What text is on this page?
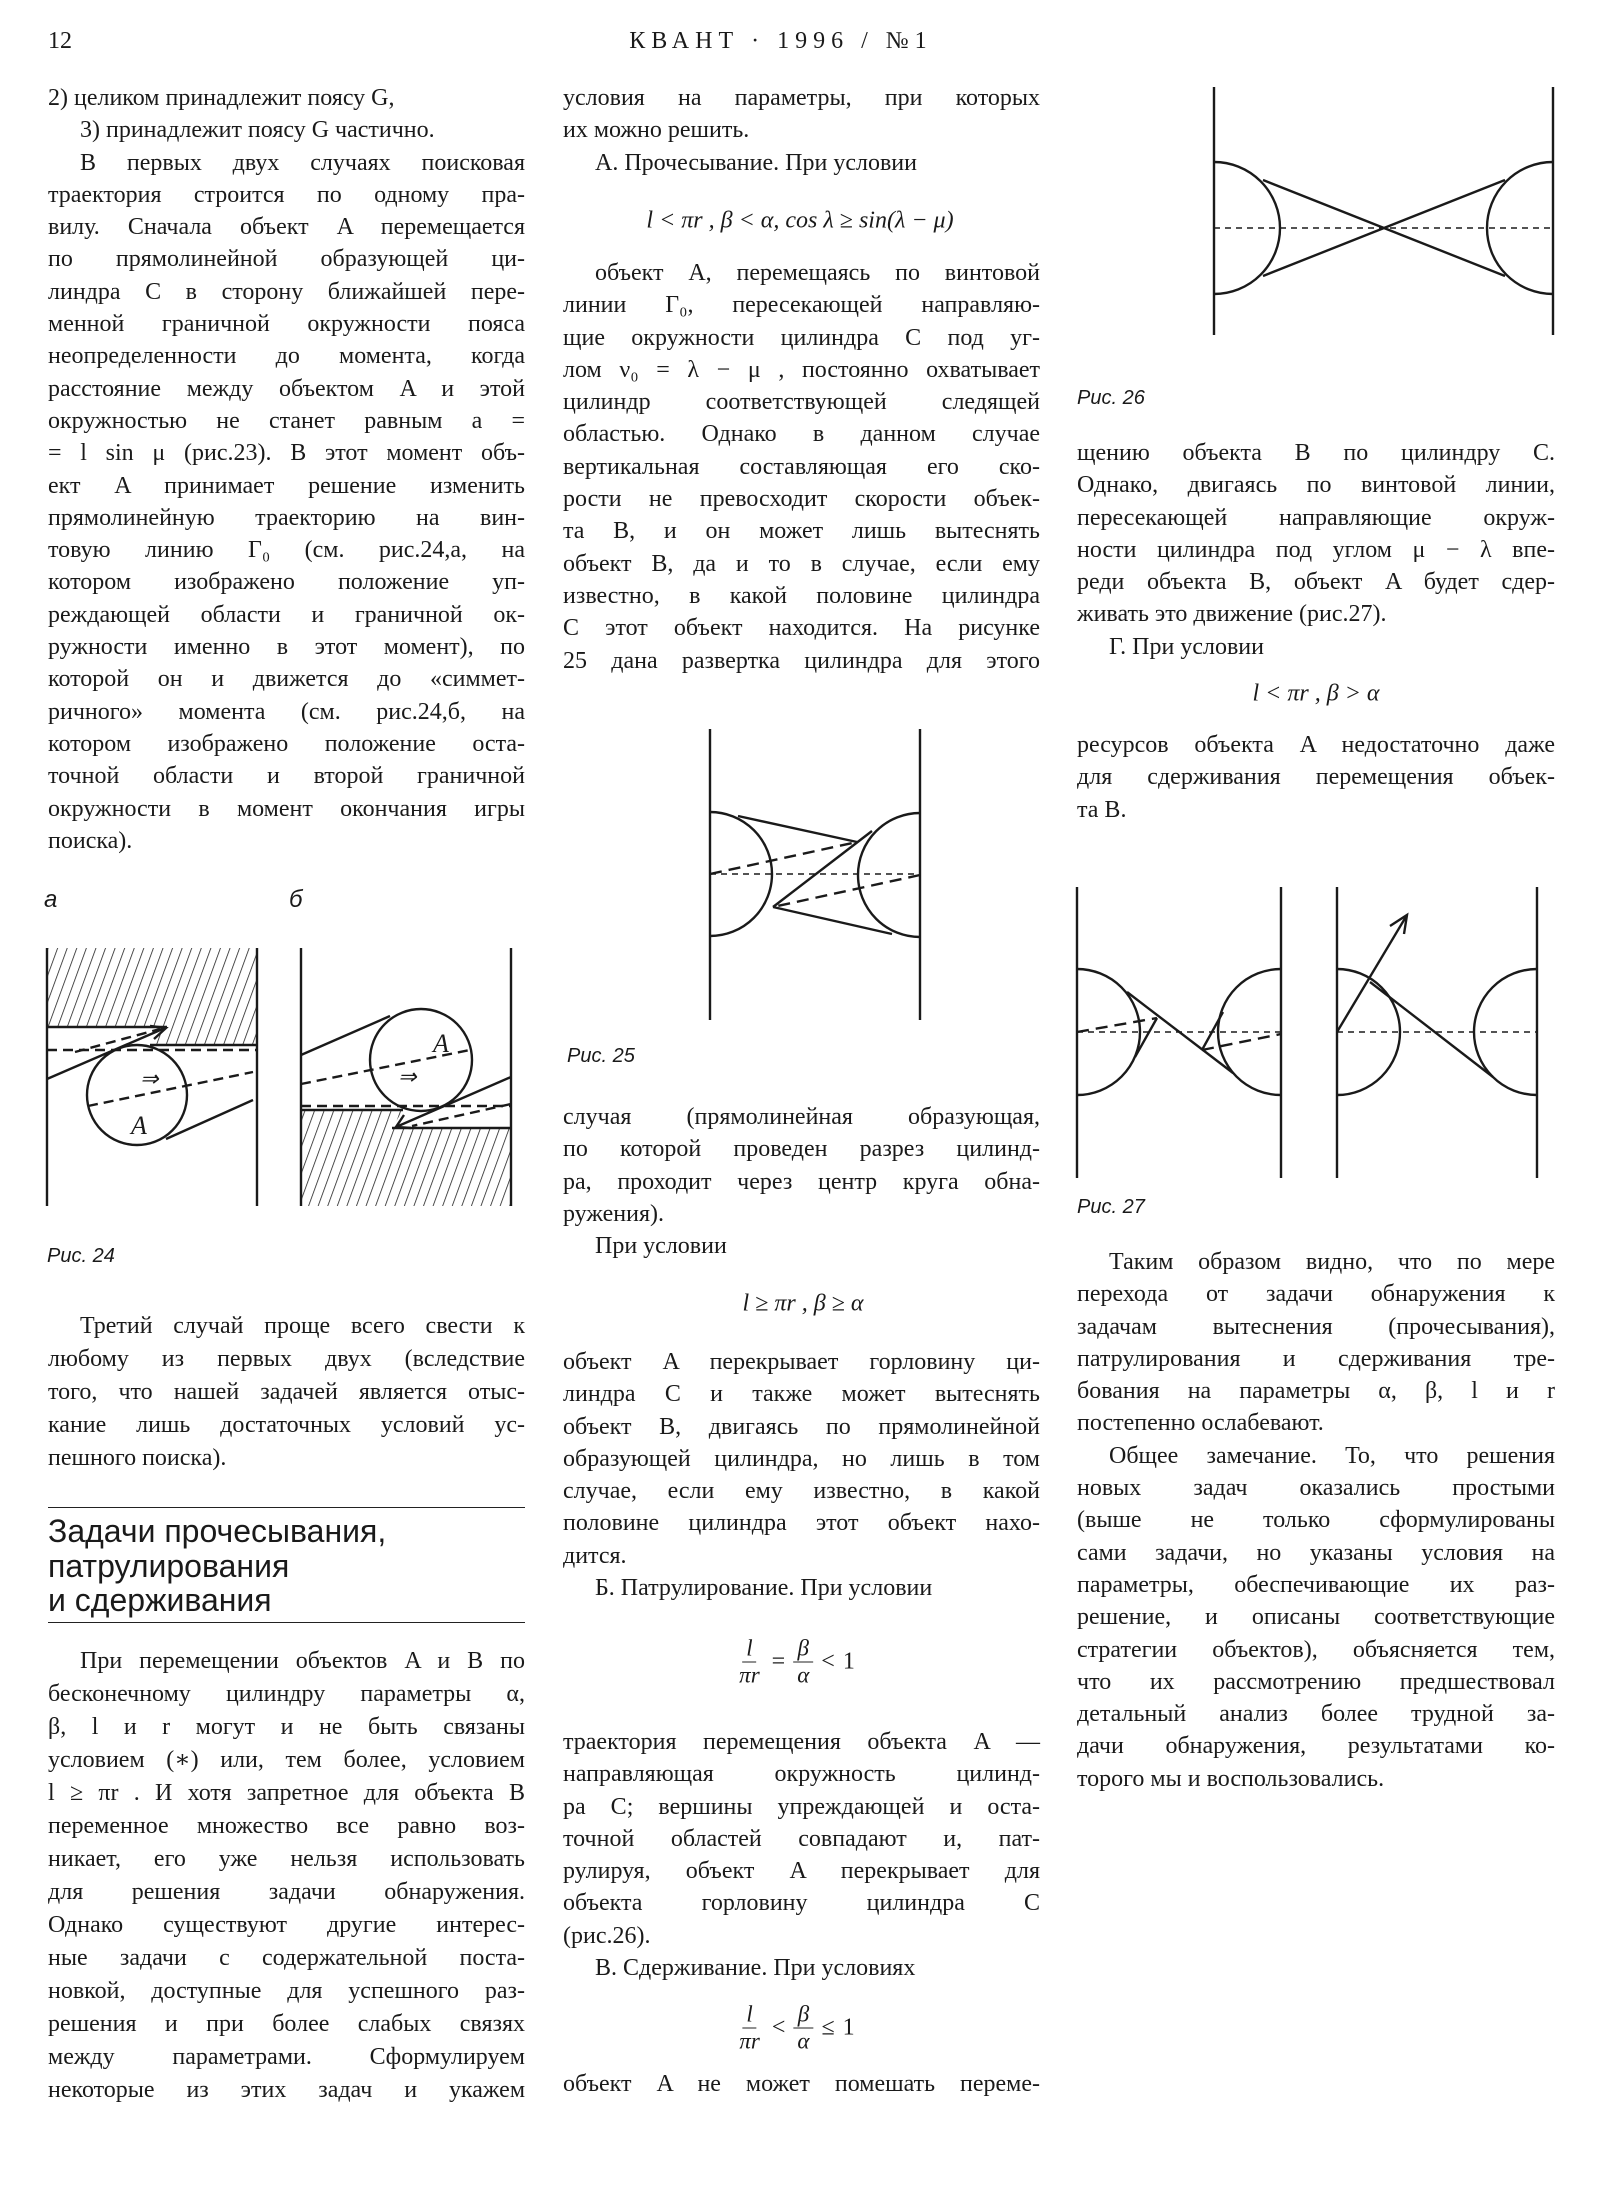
12	КВАНТ · 1996 / №1
2) целиком принадлежит поясу G,
3) принадлежит поясу G частично.
В первых двух случаях поисковая
траектория строится по одному пра-
вилу. Сначала объект A перемещается
по прямолинейной образующей ци-
линдра C в сторону ближайшей пере-
менной граничной окружности пояса
неопределенности до момента, когда
расстояние между объектом A и этой
окружностью не станет равным a =
= l sin μ (рис.23). В этот момент объ-
ект A принимает решение изменить
прямолинейную траекторию на вин-
товую линию Γ₀ (см. рис.24,а, на
котором изображено положение уп-
реждающей области и граничной ок-
ружности именно в этот момент), по
которой он и движется до «симмет-
ричного» момента (см. рис.24,б, на
котором изображено положение оста-
точной области и второй граничной
окружности в момент окончания игры
поиска).
а	б
Рис. 24
Третий случай проще всего свести к
любому из первых двух (вследствие
того, что нашей задачей является отыс-
кание лишь достаточных условий ус-
пешного поиска).
Задачи прочесывания,
патрулирования
и сдерживания
При перемещении объектов A и B по
бесконечному цилиндру параметры α,
β, l и r могут и не быть связаны
условием (∗) или, тем более, условием
l ≥ πr . И хотя запретное для объекта B
переменное множество все равно воз-
никает, его уже нельзя использовать
для решения задачи обнаружения.
Однако существуют другие интерес-
ные задачи с содержательной поста-
новкой, доступные для успешного раз-
решения и при более слабых связях
между параметрами. Сформулируем
некоторые из этих задач и укажем
условия на параметры, при которых
их можно решить.
А. Прочесывание. При условии
l < πr , β < α, cos λ ≥ sin(λ − μ)
объект A, перемещаясь по винтовой
линии Γ₀, пересекающей направляю-
щие окружности цилиндра C под уг-
лом ν₀ = λ − μ , постоянно охватывает
цилиндр соответствующей следящей
областью. Однако в данном случае
вертикальная составляющая его ско-
рости не превосходит скорости объек-
та B, и он может лишь вытеснять
объект B, да и то в случае, если ему
известно, в какой половине цилиндра
C этот объект находится. На рисунке
25 дана развертка цилиндра для этого
Рис. 25
случая (прямолинейная образующая,
по которой проведен разрез цилинд-
ра, проходит через центр круга обна-
ружения).
При условии
l ≥ πr , β ≥ α
объект A перекрывает горловину ци-
линдра C и также может вытеснять
объект B, двигаясь по прямолинейной
образующей цилиндра, но лишь в том
случае, если ему известно, в какой
половине цилиндра этот объект нахо-
дится.
Б. Патрулирование. При условии
$\frac{l}{\pi r} = \frac{\beta}{\alpha} < 1$
траектория перемещения объекта A —
направляющая окружность цилинд-
ра C; вершины упреждающей и оста-
точной областей совпадают и, пат-
рулируя, объект A перекрывает для
объекта горловину цилиндра C
(рис.26).
В. Сдерживание. При условиях
$\frac{l}{\pi r} < \frac{\beta}{\alpha} \le 1$
объект A не может помешать переме-
Рис. 26
щению объекта B по цилиндру C.
Однако, двигаясь по винтовой линии,
пересекающей направляющие окруж-
ности цилиндра под углом μ − λ впе-
реди объекта B, объект A будет сдер-
живать это движение (рис.27).
Г. При условии
l < πr , β > α
ресурсов объекта A недостаточно даже
для сдерживания перемещения объек-
та B.
Рис. 27
Таким образом видно, что по мере
перехода от задачи обнаружения к
задачам вытеснения (прочесывания),
патрулирования и сдерживания тре-
бования на параметры α, β, l и r
постепенно ослабевают.
Общее замечание. То, что решения
новых задач оказались простыми
(выше не только сформулированы
сами задачи, но указаны условия на
параметры, обеспечивающие их раз-
решение, и описаны соответствующие
стратегии объектов), объясняется тем,
что их рассмотрению предшествовал
детальный анализ более трудной за-
дачи обнаружения, результатами ко-
торого мы и воспользовались.
A
⇒
A
⇒
